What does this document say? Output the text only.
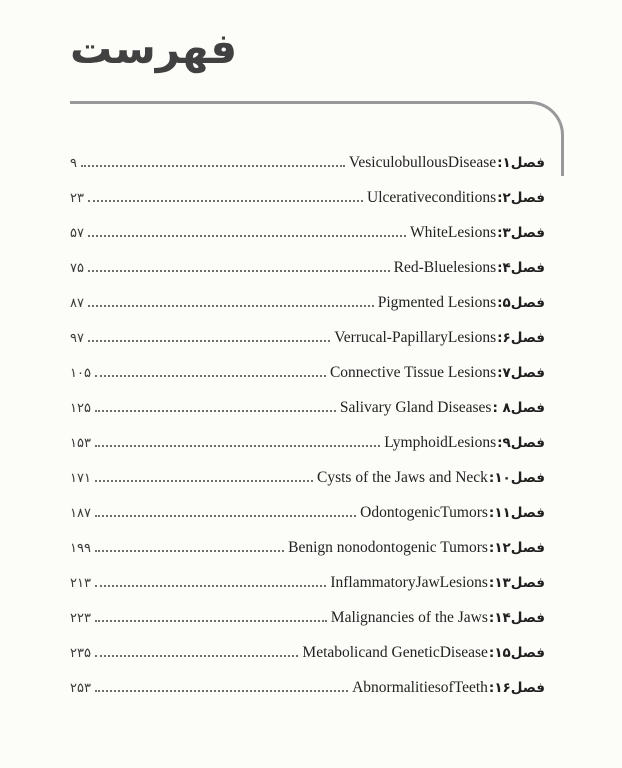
فهرست
۹	VesiculobullousDisease فصل۱:
۲۳	Ulcerativeconditions فصل۲:
۵۷	WhiteLesions فصل۳:
۷۵	Red-Bluelesions فصل۴:
۸۷	Pigmented Lesions فصل۵:
۹۷	Verrucal-PapillaryLesions فصل۶:
۱۰۵	Connective Tissue Lesions فصل۷:
۱۲۵	Salivary Gland Diseases فصل۸ :
۱۵۳	LymphoidLesions فصل۹:
۱۷۱	Cysts of the Jaws and Neck فصل۱۰:
۱۸۷	OdontogenicTumors فصل۱۱:
۱۹۹	Benign nonodontogenic Tumors فصل۱۲:
۲۱۳	InflammatoryJawLesions فصل۱۳:
۲۲۳	Malignancies of the Jaws فصل۱۴:
۲۳۵	Metabolicand GeneticDisease فصل۱۵:
۲۵۳	AbnormalitiesofTeeth فصل۱۶:
